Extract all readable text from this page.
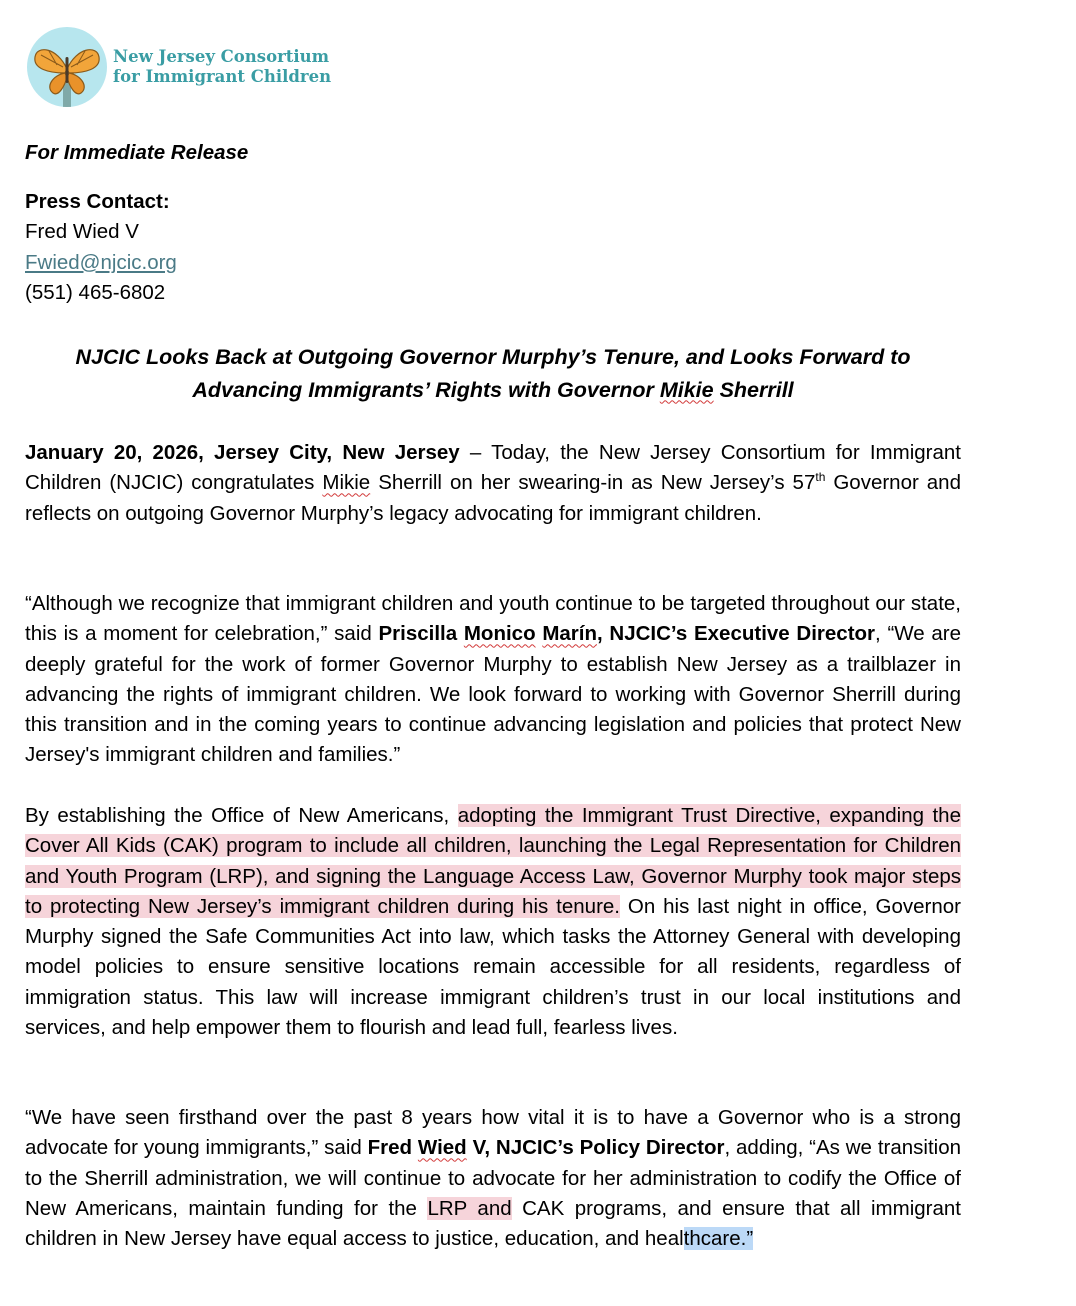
New Jersey Consortium
for Immigrant Children
For Immediate Release
Press Contact:
Fred Wied V
Fwied@njcic.org
(551) 465-6802
NJCIC Looks Back at Outgoing Governor Murphy’s Tenure, and Looks Forward to
Advancing Immigrants’ Rights with Governor Mikie Sherrill

January 20, 2026, Jersey City, New Jersey – Today, the New Jersey Consortium for Immigrant Children (NJCIC) congratulates Mikie Sherrill on her swearing-in as New Jersey’s 57th Governor and reflects on outgoing Governor Murphy’s legacy advocating for immigrant children.

“Although we recognize that immigrant children and youth continue to be targeted throughout our state, this is a moment for celebration,” said Priscilla Monico Marín, NJCIC’s Executive Director, “We are deeply grateful for the work of former Governor Murphy to establish New Jersey as a trailblazer in advancing the rights of immigrant children. We look forward to working with Governor Sherrill during this transition and in the coming years to continue advancing legislation and policies that protect New Jersey's immigrant children and families.”

By establishing the Office of New Americans, adopting the Immigrant Trust Directive, expanding the Cover All Kids (CAK) program to include all children, launching the Legal Representation for Children and Youth Program (LRP), and signing the Language Access Law, Governor Murphy took major steps to protecting New Jersey’s immigrant children during his tenure. On his last night in office, Governor Murphy signed the Safe Communities Act into law, which tasks the Attorney General with developing model policies to ensure sensitive locations remain accessible for all residents, regardless of immigration status. This law will increase immigrant children’s trust in our local institutions and services, and help empower them to flourish and lead full, fearless lives.

“We have seen firsthand over the past 8 years how vital it is to have a Governor who is a strong advocate for young immigrants,” said Fred Wied V, NJCIC’s Policy Director, adding, “As we transition to the Sherrill administration, we will continue to advocate for her administration to codify the Office of New Americans, maintain funding for the LRP and CAK programs, and ensure that all immigrant children in New Jersey have equal access to justice, education, and healthcare.”
